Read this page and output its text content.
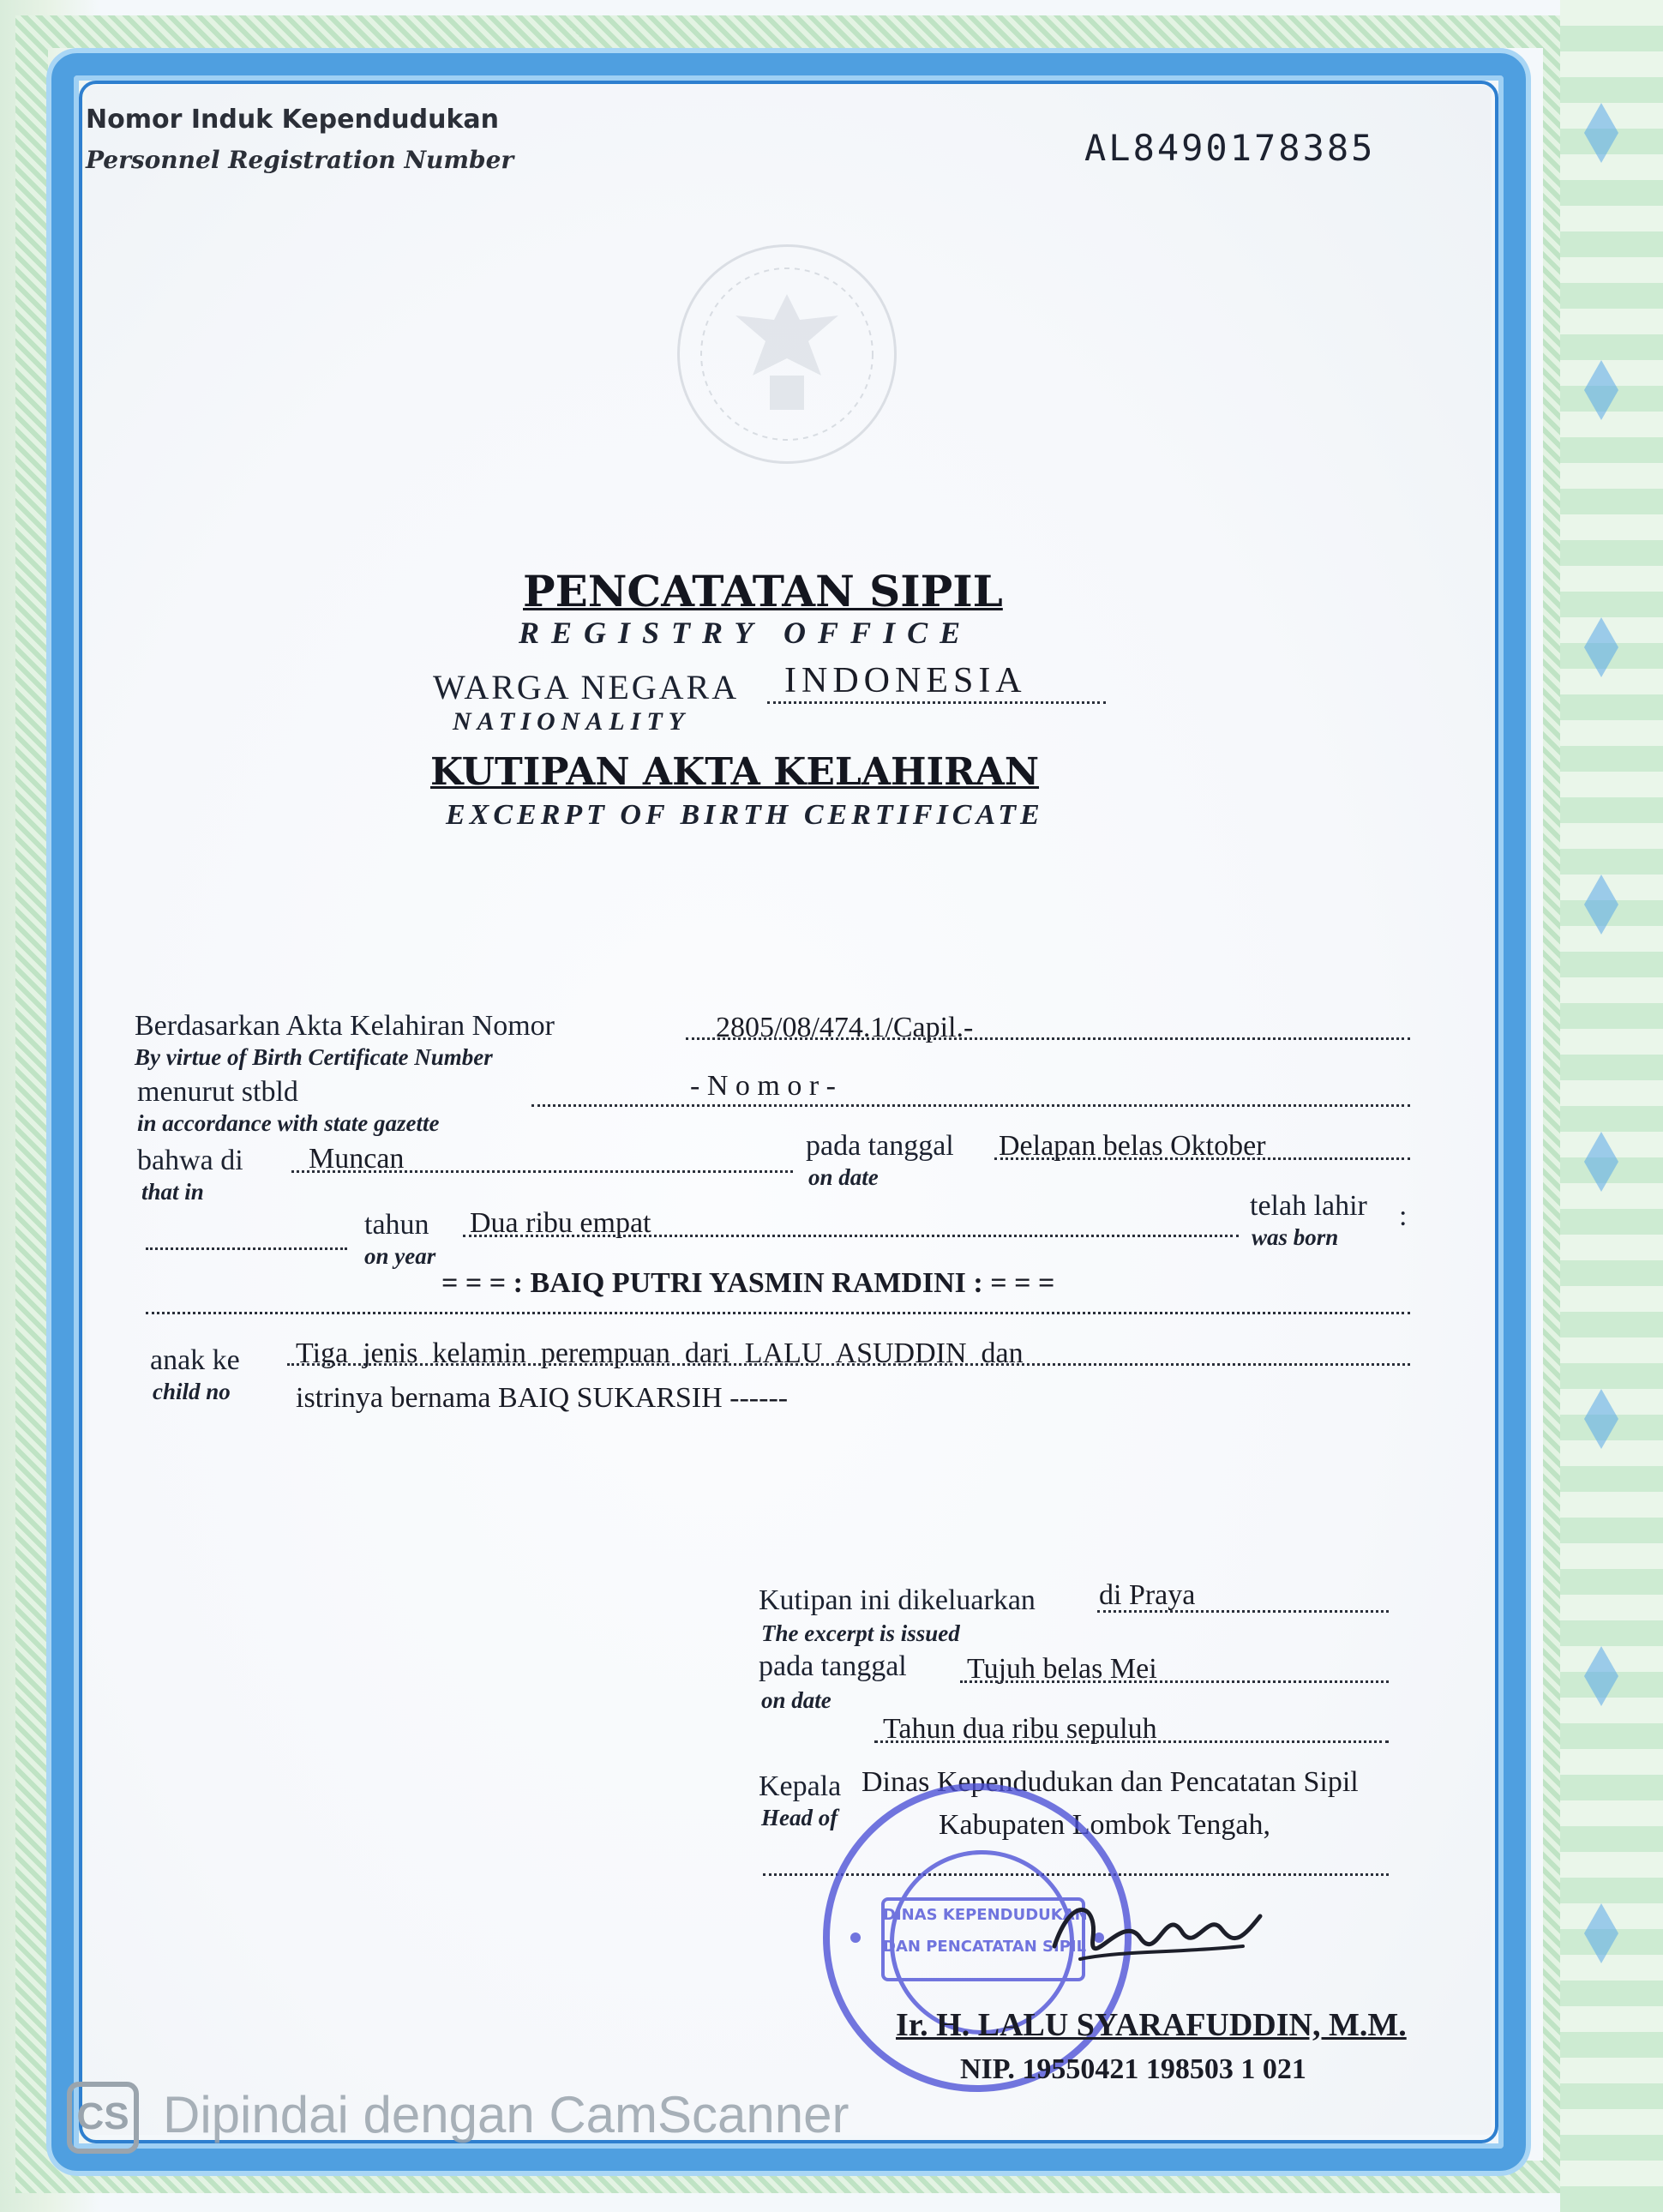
Nomor Induk Kependudukan
Personnel Registration Number	AL8490178385
PENCATATAN SIPIL
REGISTRY OFFICE
WARGA NEGARA INDONESIA
NATIONALITY
KUTIPAN AKTA KELAHIRAN
EXCERPT OF BIRTH CERTIFICATE
Berdasarkan Akta Kelahiran Nomor
By virtue of Birth Certificate Number
2805/08/474.1/Capil.-
menurut stbld
in accordance with state gazette
- N o m o r -
bahwa di
that in
Muncan	pada tanggal
on date
Delapan belas Oktober
tahun
on year
Dua ribu empat
telah lahir
was born
:
= = = : BAIQ PUTRI YASMIN RAMDINI : = = =
anak ke
child no
Tiga  jenis  kelamin  perempuan  dari  LALU  ASUDDIN  dan
istrinya bernama BAIQ SUKARSIH ------
Kutipan ini dikeluarkan
The excerpt is issued
di Praya
pada tanggal
on date
Tujuh belas Mei
Tahun dua ribu sepuluh
Kepala
Head of
Dinas Kependudukan dan Pencatatan Sipil
Kabupaten Lombok Tengah,
DINAS KEPENDUDUKAN
DAN PENCATATAN SIPIL
Ir. H. LALU SYARAFUDDIN, M.M.
NIP. 19550421 198503 1 021
CS Dipindai dengan CamScanner
